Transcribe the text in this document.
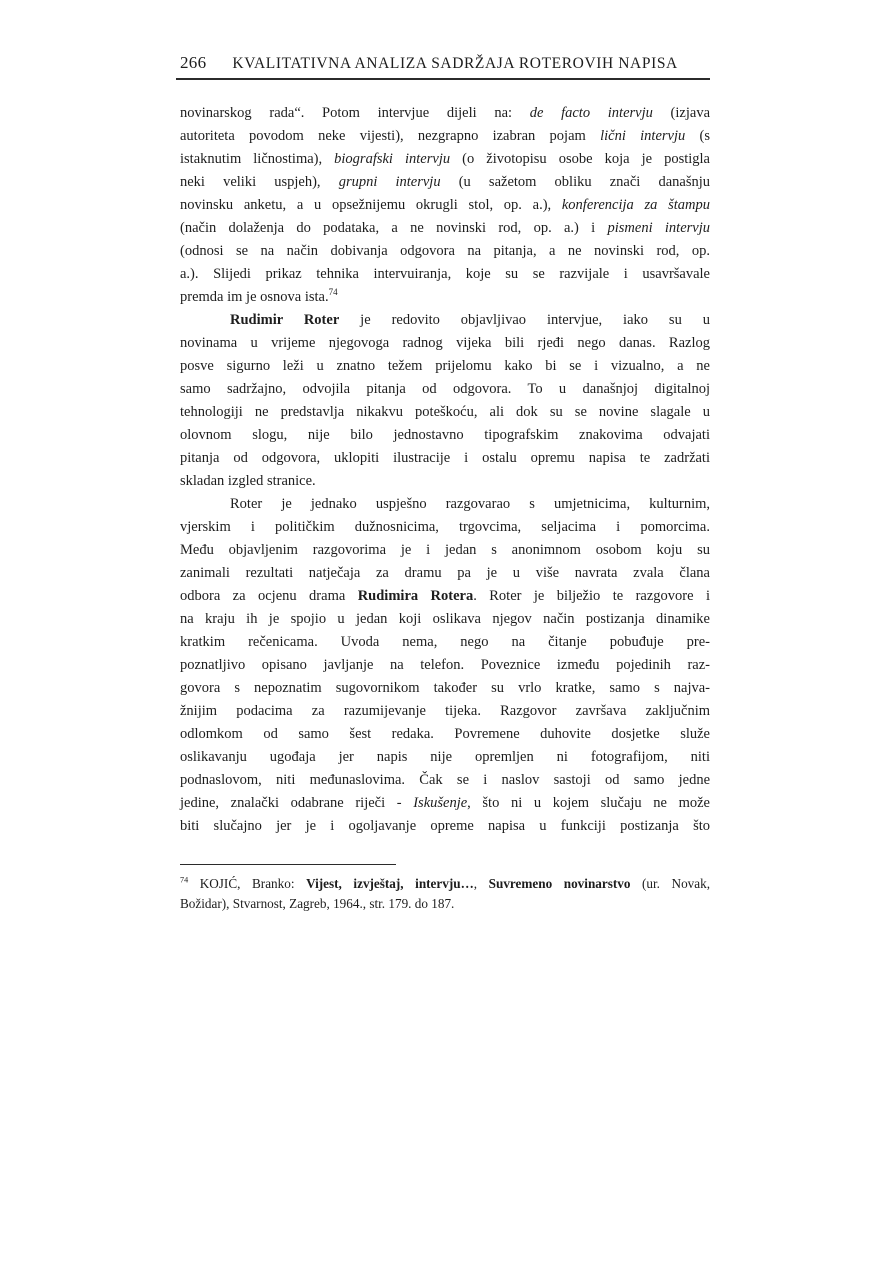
266 KVALITATIVNA ANALIZA SADRŽAJA ROTEROVIH NAPISA
novinarskog rada“. Potom intervjue dijeli na: de facto intervju (izjava
autoriteta povodom neke vijesti), nezgrapno izabran pojam lični intervju (s
istaknutim ličnostima), biografski intervju (o životopisu osobe koja je postigla
neki veliki uspjeh), grupni intervju (u sažetom obliku znači današnju
novinsku anketu, a u opsežnijemu okrugli stol, op. a.), konferencija za štampu
(način dolaženja do podataka, a ne novinski rod, op. a.) i pismeni intervju
(odnosi se na način dobivanja odgovora na pitanja, a ne novinski rod, op.
a.). Slijedi prikaz tehnika intervuiranja, koje su se razvijale i usavršavale
premda im je osnova ista.$^{74}$
Rudimir Roter je redovito objavljivao intervjue, iako su u
novinama u vrijeme njegovoga radnog vijeka bili rjeđi nego danas. Razlog
posve sigurno leži u znatno težem prijelomu kako bi se i vizualno, a ne
samo sadržajno, odvojila pitanja od odgovora. To u današnjoj digitalnoj
tehnologiji ne predstavlja nikakvu poteškoću, ali dok su se novine slagale u
olovnom slogu, nije bilo jednostavno tipografskim znakovima odvajati
pitanja od odgovora, uklopiti ilustracije i ostalu opremu napisa te zadržati
skladan izgled stranice.
Roter je jednako uspješno razgovarao s umjetnicima, kulturnim,
vjerskim i političkim dužnosnicima, trgovcima, seljacima i pomorcima.
Među objavljenim razgovorima je i jedan s anonimnom osobom koju su
zanimali rezultati natječaja za dramu pa je u više navrata zvala člana
odbora za ocjenu drama Rudimira Rotera. Roter je bilježio te razgovore i
na kraju ih je spojio u jedan koji oslikava njegov način postizanja dinamike
kratkim rečenicama. Uvoda nema, nego na čitanje pobuđuje pre-
poznatljivo opisano javljanje na telefon. Poveznice između pojedinih raz-
govora s nepoznatim sugovornikom također su vrlo kratke, samo s najva-
žnijim podacima za razumijevanje tijeka. Razgovor završava zaključnim
odlomkom od samo šest redaka. Povremene duhovite dosjetke služe
oslikavanju ugođaja jer napis nije opremljen ni fotografijom, niti
podnaslovom, niti međunaslovima. Čak se i naslov sastoji od samo jedne
jedine, znalački odabrane riječi - Iskušenje, što ni u kojem slučaju ne može
biti slučajno jer je i ogoljavanje opreme napisa u funkciji postizanja što
$^{74}$ KOJIĆ, Branko: Vijest, izvještaj, intervju…, Suvremeno novinarstvo (ur. Novak,
Božidar), Stvarnost, Zagreb, 1964., str. 179. do 187.
